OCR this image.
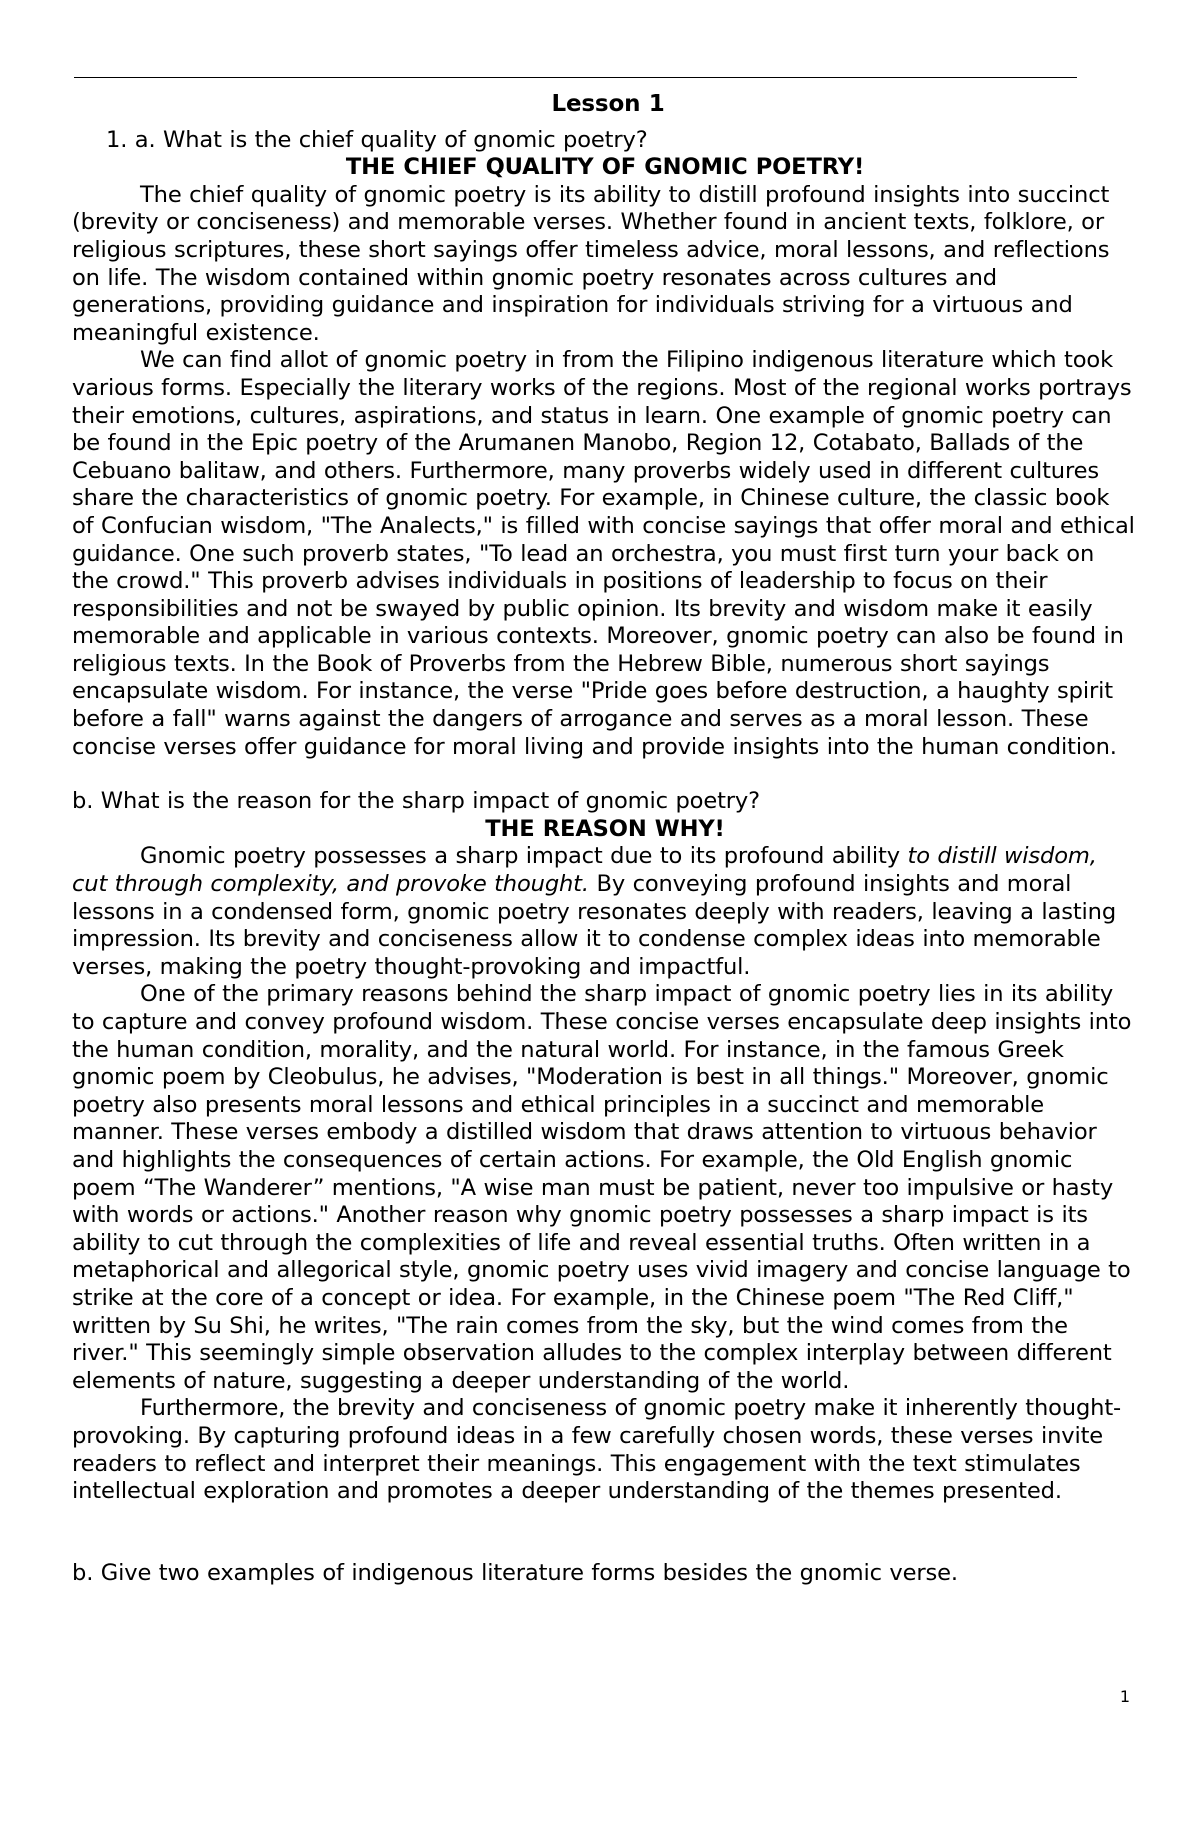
Lesson 1

1. a. What is the chief quality of gnomic poetry?

THE CHIEF QUALITY OF GNOMIC POETRY!

The chief quality of gnomic poetry is its ability to distill profound insights into succinct (brevity or conciseness) and memorable verses. Whether found in ancient texts, folklore, or religious scriptures, these short sayings offer timeless advice, moral lessons, and reflections on life. The wisdom contained within gnomic poetry resonates across cultures and generations, providing guidance and inspiration for individuals striving for a virtuous and meaningful existence.

We can find allot of gnomic poetry in from the Filipino indigenous literature which took various forms. Especially the literary works of the regions. Most of the regional works portrays their emotions, cultures, aspirations, and status in learn. One example of gnomic poetry can be found in the Epic poetry of the Arumanen Manobo, Region 12, Cotabato, Ballads of the Cebuano balitaw, and others. Furthermore, many proverbs widely used in different cultures share the characteristics of gnomic poetry. For example, in Chinese culture, the classic book of Confucian wisdom, "The Analects," is filled with concise sayings that offer moral and ethical guidance. One such proverb states, "To lead an orchestra, you must first turn your back on the crowd." This proverb advises individuals in positions of leadership to focus on their responsibilities and not be swayed by public opinion. Its brevity and wisdom make it easily memorable and applicable in various contexts. Moreover, gnomic poetry can also be found in religious texts. In the Book of Proverbs from the Hebrew Bible, numerous short sayings encapsulate wisdom. For instance, the verse "Pride goes before destruction, a haughty spirit before a fall" warns against the dangers of arrogance and serves as a moral lesson. These concise verses offer guidance for moral living and provide insights into the human condition.

b. What is the reason for the sharp impact of gnomic poetry?

THE REASON WHY!

Gnomic poetry possesses a sharp impact due to its profound ability to distill wisdom, cut through complexity, and provoke thought. By conveying profound insights and moral lessons in a condensed form, gnomic poetry resonates deeply with readers, leaving a lasting impression. Its brevity and conciseness allow it to condense complex ideas into memorable verses, making the poetry thought-provoking and impactful.

One of the primary reasons behind the sharp impact of gnomic poetry lies in its ability to capture and convey profound wisdom. These concise verses encapsulate deep insights into the human condition, morality, and the natural world. For instance, in the famous Greek gnomic poem by Cleobulus, he advises, "Moderation is best in all things." Moreover, gnomic poetry also presents moral lessons and ethical principles in a succinct and memorable manner. These verses embody a distilled wisdom that draws attention to virtuous behavior and highlights the consequences of certain actions. For example, the Old English gnomic poem “The Wanderer” mentions, "A wise man must be patient, never too impulsive or hasty with words or actions." Another reason why gnomic poetry possesses a sharp impact is its ability to cut through the complexities of life and reveal essential truths. Often written in a metaphorical and allegorical style, gnomic poetry uses vivid imagery and concise language to strike at the core of a concept or idea. For example, in the Chinese poem "The Red Cliff," written by Su Shi, he writes, "The rain comes from the sky, but the wind comes from the river." This seemingly simple observation alludes to the complex interplay between different elements of nature, suggesting a deeper understanding of the world.

Furthermore, the brevity and conciseness of gnomic poetry make it inherently thought-provoking. By capturing profound ideas in a few carefully chosen words, these verses invite readers to reflect and interpret their meanings. This engagement with the text stimulates intellectual exploration and promotes a deeper understanding of the themes presented.

b. Give two examples of indigenous literature forms besides the gnomic verse.

1
